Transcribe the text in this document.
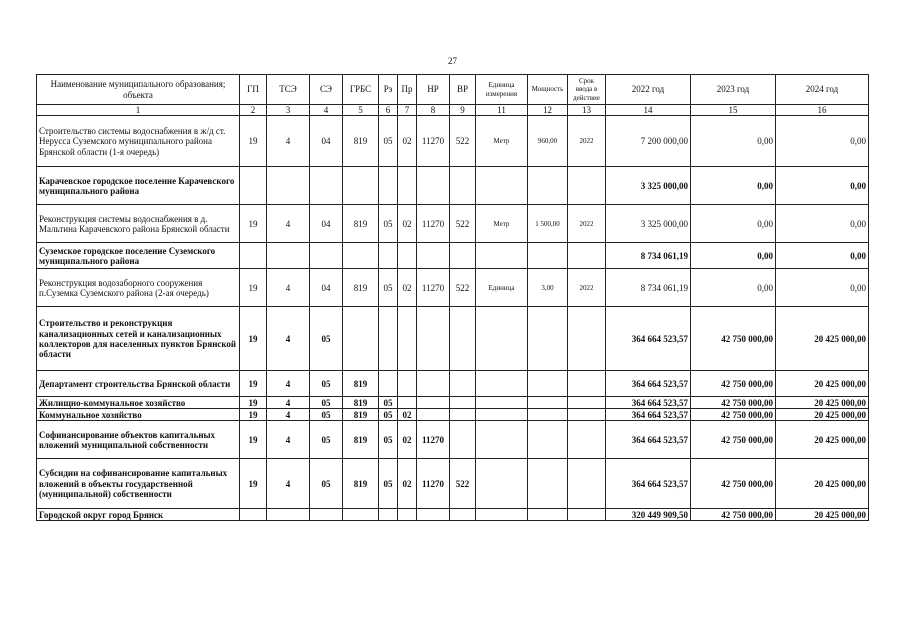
27
Наименование муниципального образования; объекта	ГП	ТСЭ	СЭ	ГРБС	Рз	Пр	НР	ВР	Единица измерения	Мощность	Срок ввода в действие	2022 год	2023 год	2024 год
1	2	3	4	5	6	7	8	9	11	12	13	14	15	16
Строительство системы водоснабжения в ж/д ст. Нерусса Суземского муниципального района Брянской области (1-я очередь)	19	4	04	819	05	02	11270	522	Метр	960,00	2022	7 200 000,00	0,00	0,00
Карачевское городское поселение Карачевского муниципального района												3 325 000,00	0,00	0,00
Реконструкция системы водоснабжения в д. Мальтина Карачевского района Брянской области	19	4	04	819	05	02	11270	522	Метр	1 500,00	2022	3 325 000,00	0,00	0,00
Суземское городское поселение Суземского муниципального района												8 734 061,19	0,00	0,00
Реконструкция водозаборного сооружения п.Суземка Суземского района (2-ая очередь)	19	4	04	819	05	02	11270	522	Единица	3,00	2022	8 734 061,19	0,00	0,00
Строительство и реконструкция канализационных сетей и канализационных коллекторов для населенных пунктов Брянской области	19	4	05									364 664 523,57	42 750 000,00	20 425 000,00
Департамент строительства Брянской области	19	4	05	819								364 664 523,57	42 750 000,00	20 425 000,00
Жилищно-коммунальное хозяйство	19	4	05	819	05							364 664 523,57	42 750 000,00	20 425 000,00
Коммунальное хозяйство	19	4	05	819	05	02						364 664 523,57	42 750 000,00	20 425 000,00
Софинансирование объектов капитальных вложений муниципальной собственности	19	4	05	819	05	02	11270					364 664 523,57	42 750 000,00	20 425 000,00
Субсидии на софинансирование капитальных вложений в объекты государственной (муниципальной) собственности	19	4	05	819	05	02	11270	522				364 664 523,57	42 750 000,00	20 425 000,00
Городской округ город Брянск												320 449 909,50	42 750 000,00	20 425 000,00
